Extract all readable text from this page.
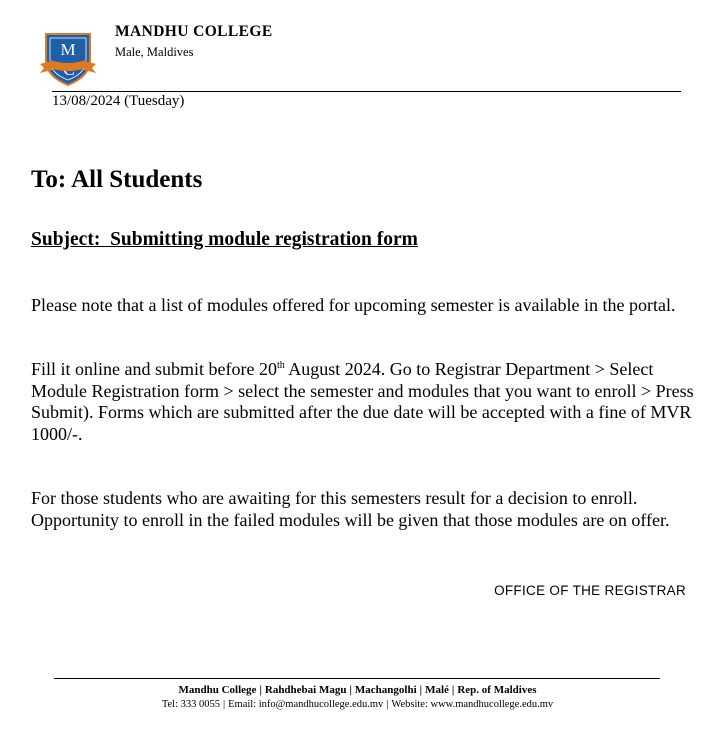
M
MANDHU COLLEGE
Male, Maldives
13/08/2024 (Tuesday)
To: All Students
Subject:  Submitting module registration form
Please note that a list of modules offered for upcoming semester is available in the portal.
Fill it online and submit before 20th August 2024. Go to Registrar Department > Select Module Registration form > select the semester and modules that you want to enroll > Press Submit). Forms which are submitted after the due date will be accepted with a fine of MVR 1000/-.
For those students who are awaiting for this semesters result for a decision to enroll. Opportunity to enroll in the failed modules will be given that those modules are on offer.
OFFICE OF THE REGISTRAR
Mandhu College | Rahdhebai Magu | Machangolhi | Malé | Rep. of Maldives
Tel: 333 0055 | Email: info@mandhucollege.edu.mv | Website: www.mandhucollege.edu.mv
